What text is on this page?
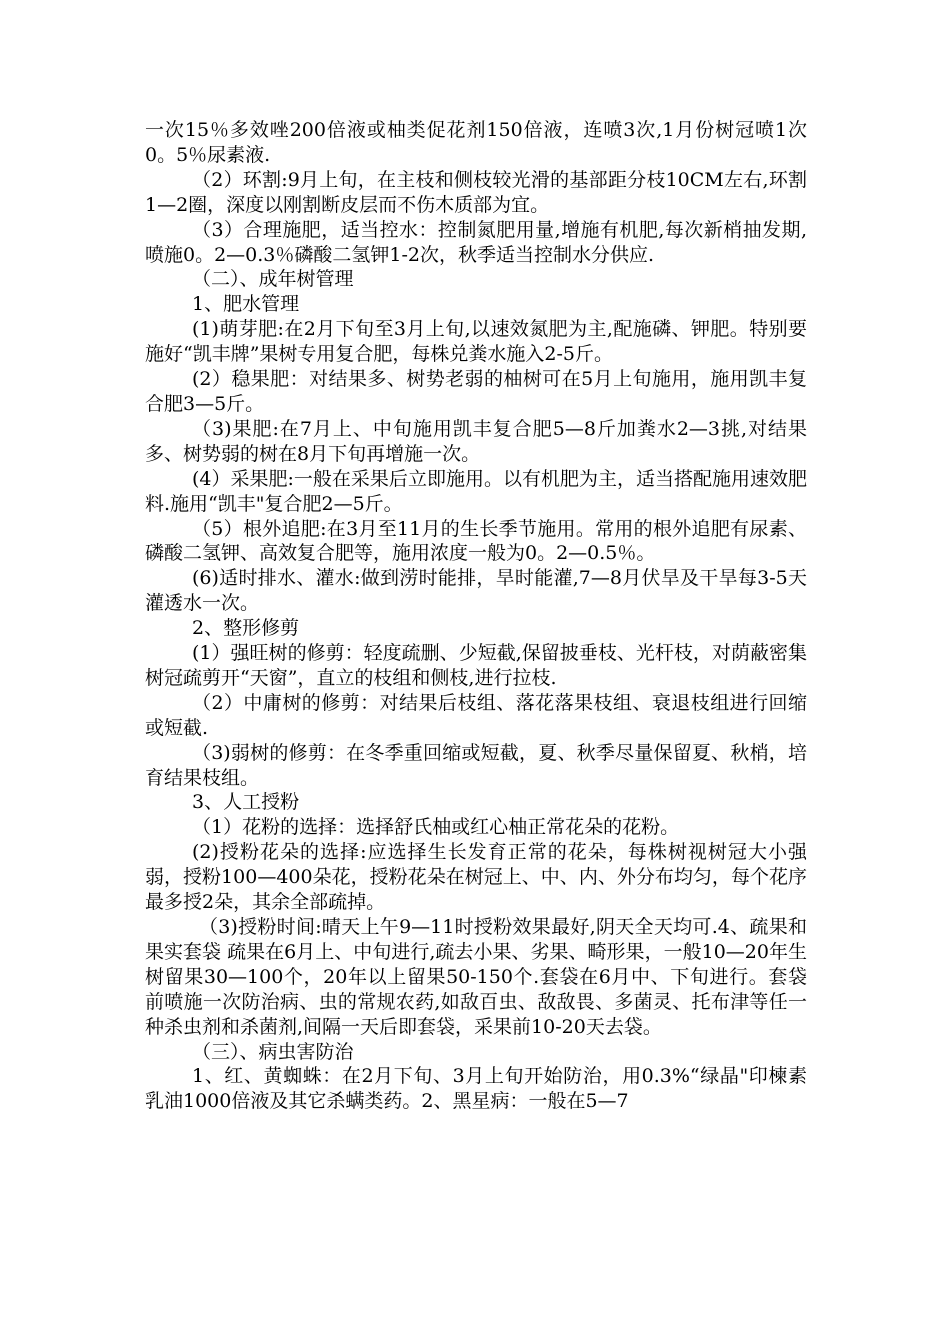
一次15％多效唑200倍液或柚类促花剂150倍液，连喷3次,1月份树冠喷1次0。5％尿素液.

（2）环割:9月上旬，在主枝和侧枝较光滑的基部距分枝10CM左右,环割1—2圈，深度以刚割断皮层而不伤木质部为宜。

（3）合理施肥，适当控水：控制氮肥用量,增施有机肥,每次新梢抽发期,喷施0。2—0.3％磷酸二氢钾1-2次，秋季适当控制水分供应.

（二）、成年树管理

1、肥水管理

(1)萌芽肥:在2月下旬至3月上旬,以速效氮肥为主,配施磷、钾肥。特别要施好“凯丰牌”果树专用复合肥，每株兑粪水施入2-5斤。

(2）稳果肥：对结果多、树势老弱的柚树可在5月上旬施用，施用凯丰复合肥3—5斤。

（3)果肥:在7月上、中旬施用凯丰复合肥5—8斤加粪水2—3挑,对结果多、树势弱的树在8月下旬再增施一次。

(4）采果肥:一般在采果后立即施用。以有机肥为主，适当搭配施用速效肥料.施用“凯丰"复合肥2—5斤。

（5）根外追肥:在3月至11月的生长季节施用。常用的根外追肥有尿素、磷酸二氢钾、高效复合肥等，施用浓度一般为0。2—0.5％。

(6)适时排水、灌水:做到涝时能排，旱时能灌,7—8月伏旱及干旱每3-5天灌透水一次。

2、整形修剪

(1）强旺树的修剪：轻度疏删、少短截,保留披垂枝、光杆枝，对荫蔽密集树冠疏剪开“天窗”，直立的枝组和侧枝,进行拉枝.

（2）中庸树的修剪：对结果后枝组、落花落果枝组、衰退枝组进行回缩或短截.

（3)弱树的修剪：在冬季重回缩或短截，夏、秋季尽量保留夏、秋梢，培育结果枝组。

3、人工授粉

（1）花粉的选择：选择舒氏柚或红心柚正常花朵的花粉。

(2)授粉花朵的选择:应选择生长发育正常的花朵，每株树视树冠大小强弱，授粉100—400朵花，授粉花朵在树冠上、中、内、外分布均匀，每个花序最多授2朵，其余全部疏掉。

（3)授粉时间:晴天上午9—11时授粉效果最好,阴天全天均可.4、疏果和果实套袋 疏果在6月上、中旬进行,疏去小果、劣果、畸形果，一般10—20年生树留果30—100个，20年以上留果50-150个.套袋在6月中、下旬进行。套袋前喷施一次防治病、虫的常规农药,如敌百虫、敌敌畏、多菌灵、托布津等任一种杀虫剂和杀菌剂,间隔一天后即套袋，采果前10-20天去袋。

（三）、病虫害防治

1、红、黄蜘蛛：在2月下旬、3月上旬开始防治，用0.3%“绿晶"印楝素乳油1000倍液及其它杀螨类药。2、黑星病：一般在5—7
